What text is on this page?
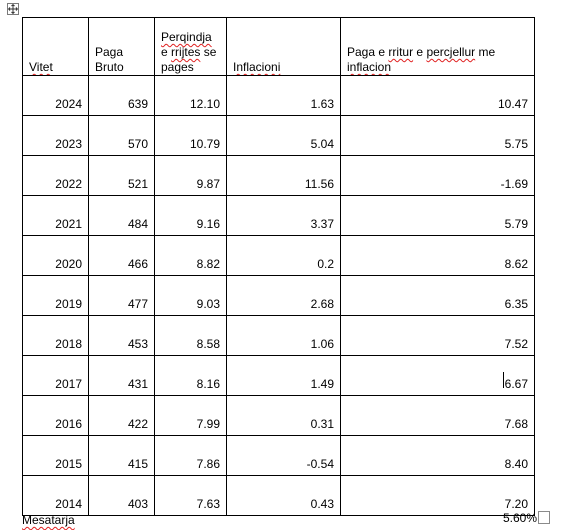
Vitet	Paga Bruto	Perqindja e rrijtes se pages	Inflacioni	Paga e rritur e percjellur me inflacion
2024	639	12.10	1.63	10.47
2023	570	10.79	5.04	5.75
2022	521	9.87	11.56	-1.69
2021	484	9.16	3.37	5.79
2020	466	8.82	0.2	8.62
2019	477	9.03	2.68	6.35
2018	453	8.58	1.06	7.52
2017	431	8.16	1.49	6.67
2016	422	7.99	0.31	7.68
2015	415	7.86	-0.54	8.40
2014	403	7.63	0.43	7.20
Mesatarja	5.60%
